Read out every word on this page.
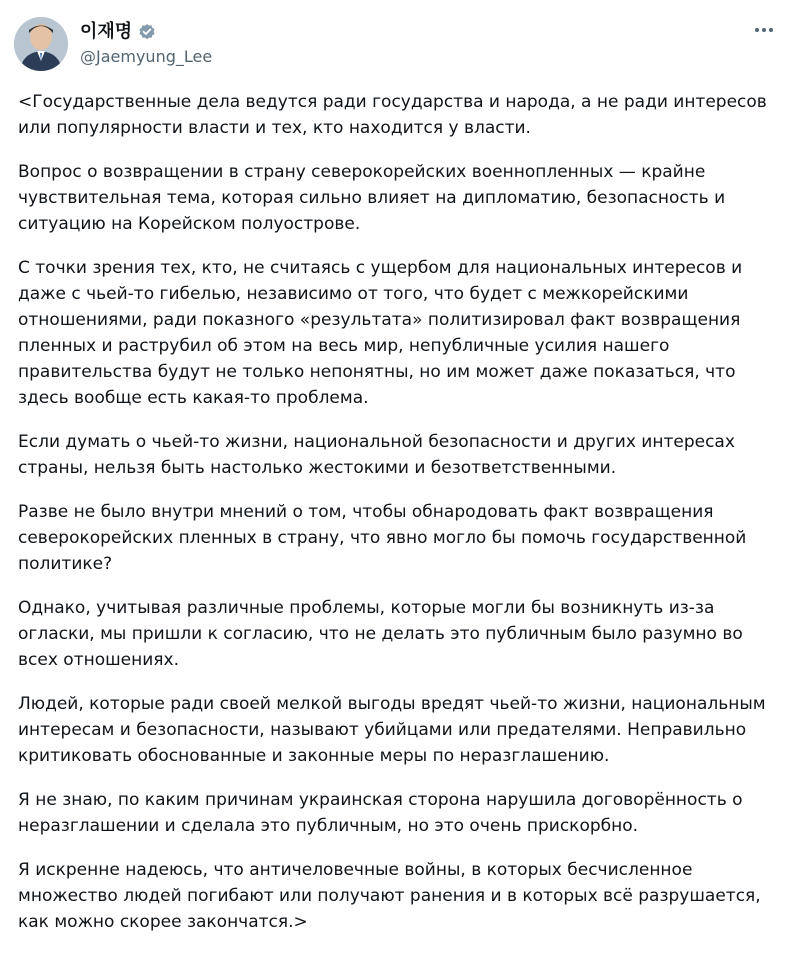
이재명
@Jaemyung_Lee

<Государственные дела ведутся ради государства и народа, а не ради интересов или популярности власти и тех, кто находится у власти.

Вопрос о возвращении в страну северокорейских военнопленных — крайне чувствительная тема, которая сильно влияет на дипломатию, безопасность и ситуацию на Корейском полуострове.

С точки зрения тех, кто, не считаясь с ущербом для национальных интересов и даже с чьей-то гибелью, независимо от того, что будет с межкорейскими отношениями, ради показного «результата» политизировал факт возвращения пленных и раструбил об этом на весь мир, непубличные усилия нашего правительства будут не только непонятны, но им может даже показаться, что здесь вообще есть какая-то проблема.

Если думать о чьей-то жизни, национальной безопасности и других интересах страны, нельзя быть настолько жестокими и безответственными.

Разве не было внутри мнений о том, чтобы обнародовать факт возвращения северокорейских пленных в страну, что явно могло бы помочь государственной политике?

Однако, учитывая различные проблемы, которые могли бы возникнуть из-за огласки, мы пришли к согласию, что не делать это публичным было разумно во всех отношениях.

Людей, которые ради своей мелкой выгоды вредят чьей-то жизни, национальным интересам и безопасности, называют убийцами или предателями. Неправильно критиковать обоснованные и законные меры по неразглашению.

Я не знаю, по каким причинам украинская сторона нарушила договорённость о неразглашении и сделала это публичным, но это очень прискорбно.

Я искренне надеюсь, что античеловечные войны, в которых бесчисленное множество людей погибают или получают ранения и в которых всё разрушается, как можно скорее закончатся.>
